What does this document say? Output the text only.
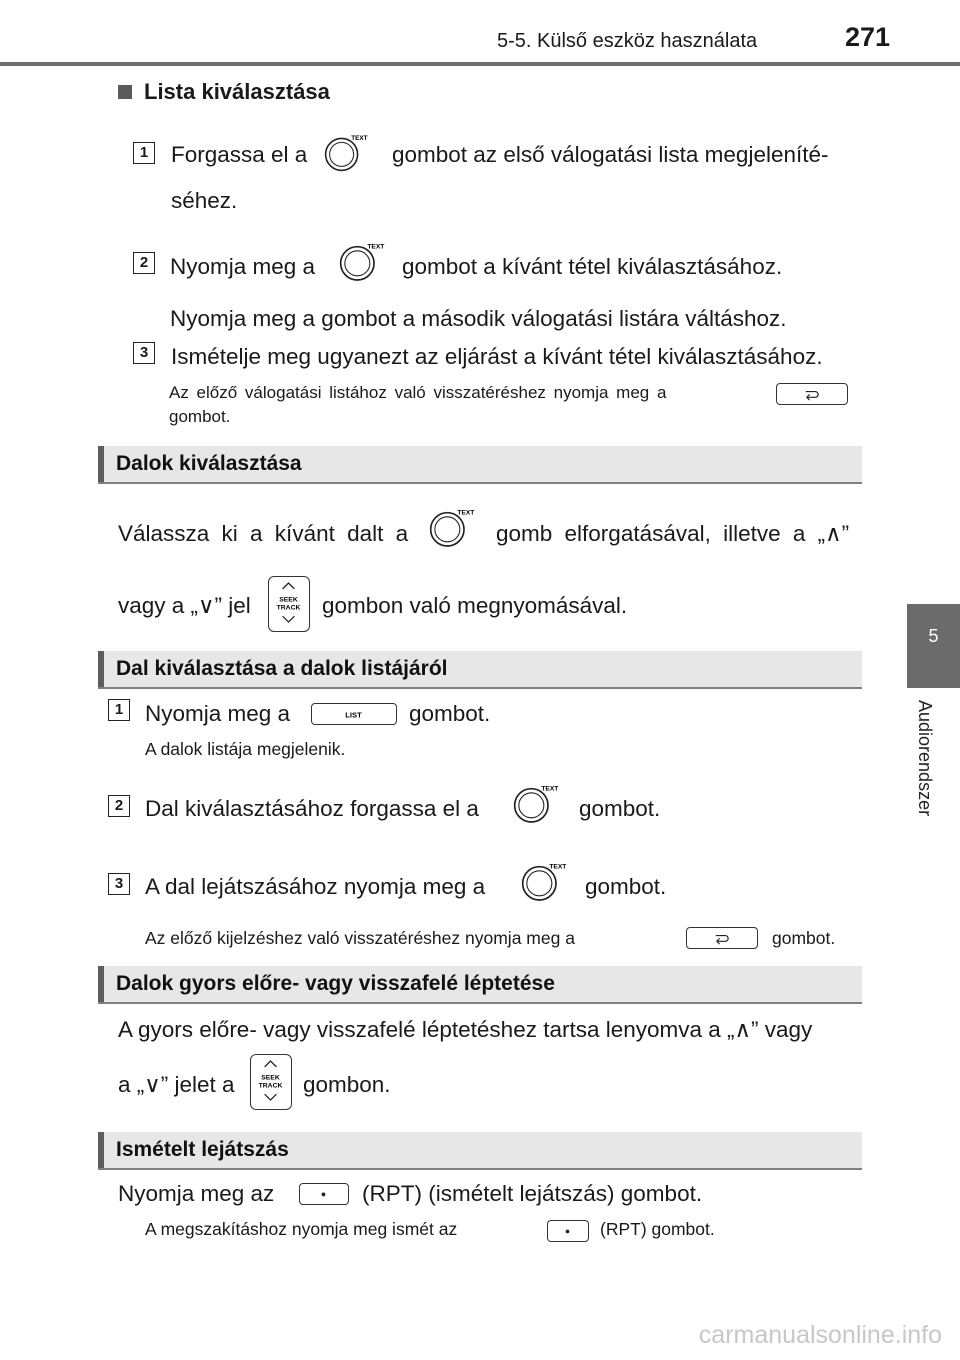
5-5. Külső eszköz használata	271
5
Audiorendszer
Lista kiválasztása
1	Forgassa el a
TEXT
gombot az első válogatási lista megjeleníté-
séhez.
2 Nyomja meg a
TEXT
gombot a kívánt tétel kiválasztásához.
Nyomja meg a gombot a második válogatási listára váltáshoz.
3	Ismételje meg ugyanezt az eljárást a kívánt tétel kiválasztásához.
Az előző válogatási listához való visszatéréshez nyomja meg a
gombot.
Dalok kiválasztása
Válassza ki a kívánt dalt a
TEXT
gomb elforgatásával, illetve a „∧”
vagy a „∨” jel	SEEK
TRACK gombon való megnyomásával.
Dal kiválasztása a dalok listájáról
1 Nyomja meg a	LIST gombot.
A dalok listája megjelenik.
2 Dal kiválasztásához forgassa el a
TEXT
gombot.
3 A dal lejátszásához nyomja meg a
TEXT
gombot.
Az előző kijelzéshez való visszatéréshez nyomja meg a	gombot.
Dalok gyors előre- vagy visszafelé léptetése
A gyors előre- vagy visszafelé léptetéshez tartsa lenyomva a „∧” vagy
a „∨” jelet a	SEEK
TRACK gombon.
Ismételt lejátszás
Nyomja meg az	(RPT) (ismételt lejátszás) gombot.
A megszakításhoz nyomja meg ismét az	(RPT) gombot.
carmanualsonline.info
